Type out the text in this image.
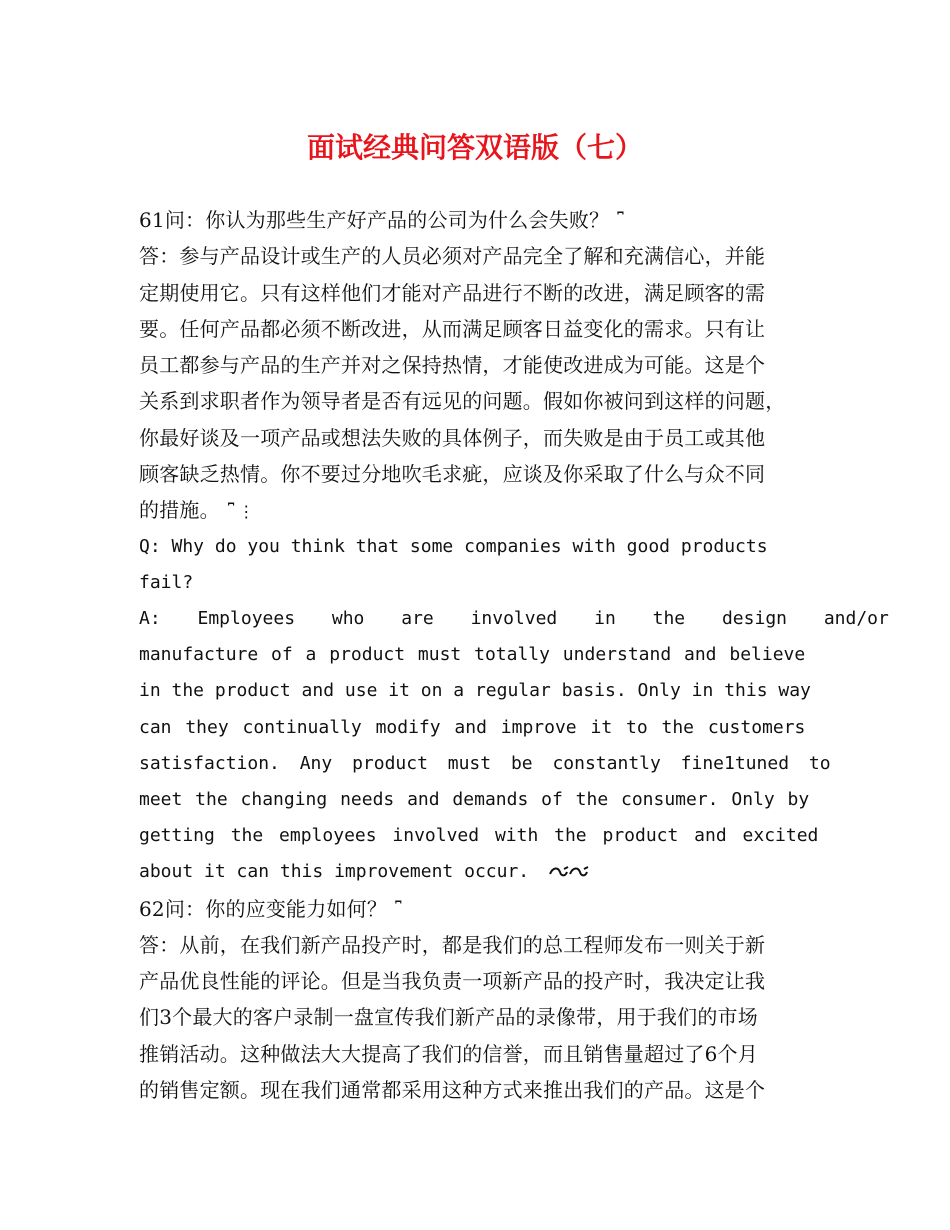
面试经典问答双语版（七）
61问：你认为那些生产好产品的公司为什么会失败？ ⎴
答：参与产品设计或生产的人员必须对产品完全了解和充满信心，并能
定期使用它。只有这样他们才能对产品进行不断的改进，满足顾客的需
要。任何产品都必须不断改进，从而满足顾客日益变化的需求。只有让
员工都参与产品的生产并对之保持热情，才能使改进成为可能。这是个
关系到求职者作为领导者是否有远见的问题。假如你被问到这样的问题，
你最好谈及一项产品或想法失败的具体例子，而失败是由于员工或其他
顾客缺乏热情。你不要过分地吹毛求疵，应谈及你采取了什么与众不同
的措施。 ⎴ ⋮
Q: Why do you think that some companies with good products
fail?
A: Employees who are involved in the design and/or
manufacture of a product must totally understand and believe
in the product and use it on a regular basis. Only in this way
can they continually modify and improve it to the customers
satisfaction. Any product must be constantly fine1tuned to
meet the changing needs and demands of the consumer. Only by
getting the employees involved with the product and excited
about it can this improvement occur.
62问：你的应变能力如何？ ⎴
答：从前，在我们新产品投产时，都是我们的总工程师发布一则关于新
产品优良性能的评论。但是当我负责一项新产品的投产时，我决定让我
们3个最大的客户录制一盘宣传我们新产品的录像带，用于我们的市场
推销活动。这种做法大大提高了我们的信誉，而且销售量超过了6个月
的销售定额。现在我们通常都采用这种方式来推出我们的产品。这是个
